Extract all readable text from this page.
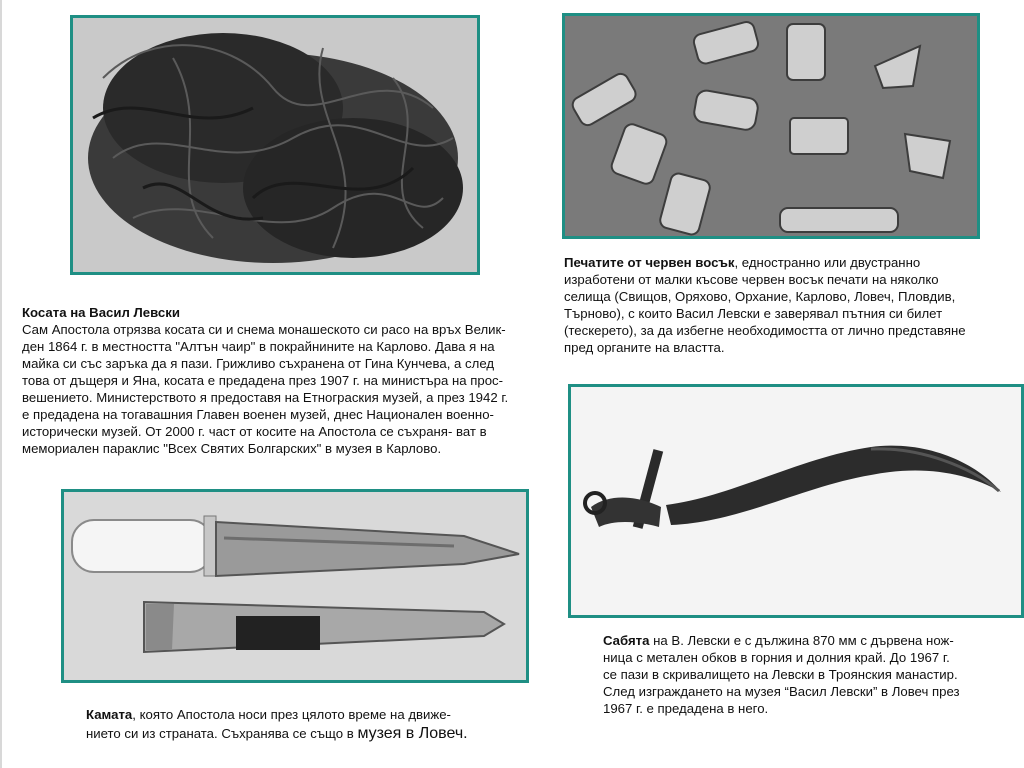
Печатите от червен восък, едностранно или двустранно
изработени от малки късове червен восък печати на няколко
селища (Свищов, Оряхово, Орхание, Карлово, Ловеч, Пловдив,
Търново), с които Васил Левски е заверявал пътния си билет
(тескерето), за да избегне необходимостта от лично представяне
пред органите на властта.
Косата на Васил Левски
Сам Апостола отрязва косата си и снема монашеското си расо на връх Велик-
ден 1864 г. в местността "Алтън чаир" в покрайнините на Карлово. Дава я на
майка си със заръка да я пази. Грижливо съхранена от Гина Кунчева, а след
това от дъщеря и Яна, косата е предадена през 1907 г. на министъра на прос-
вешението. Министерството я предоставя на Етнограския музей, а през 1942 г.
е предадена на тогавашния Главен военен музей, днес Национален военно-
исторически музей. От 2000 г. част от косите на Апостола се съхраня- ват в
мемориален параклис "Всех Святих Болгарских" в музея в Карлово.
Сабята на В. Левски е с дължина 870 мм с дървена нож-
ница с метален обков в горния и долния край. До 1967 г.
се пази в скривалището на Левски в Троянския манастир.
След изграждането на музея “Васил Левски” в Ловеч през
1967 г. е предадена в него.
Камата, която Апостола носи през цялото време на движе-
нието си из страната. Съхранява се също в музея в Ловеч.
